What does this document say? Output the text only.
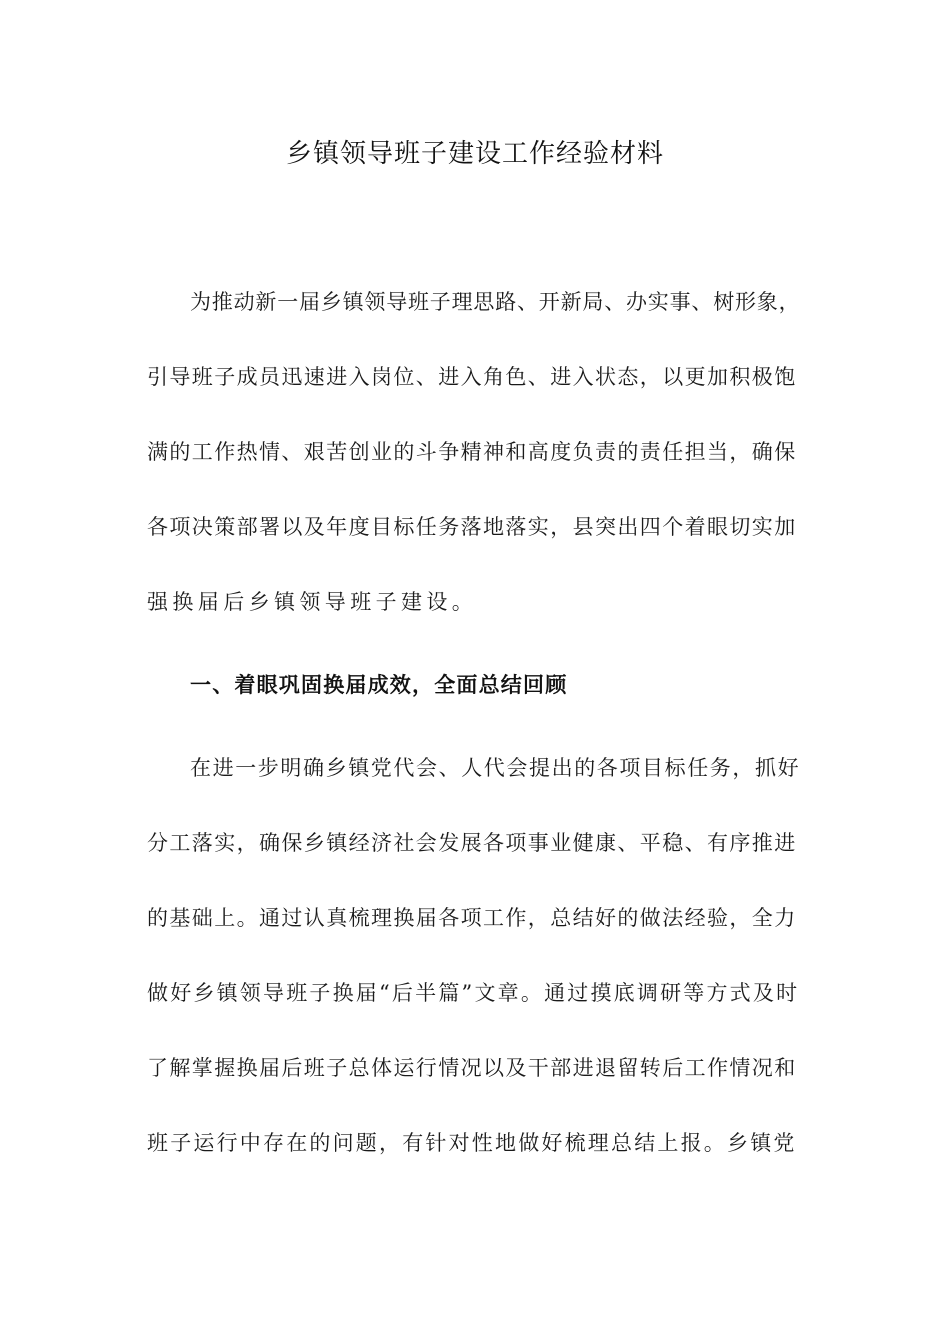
乡镇领导班子建设工作经验材料

为推动新一届乡镇领导班子理思路、开新局、办实事、树形象，

引导班子成员迅速进入岗位、进入角色、进入状态，以更加积极饱

满的工作热情、艰苦创业的斗争精神和高度负责的责任担当，确保

各项决策部署以及年度目标任务落地落实，县突出四个着眼切实加

强换届后乡镇领导班子建设。

一、着眼巩固换届成效，全面总结回顾

在进一步明确乡镇党代会、人代会提出的各项目标任务，抓好

分工落实，确保乡镇经济社会发展各项事业健康、平稳、有序推进

的基础上。通过认真梳理换届各项工作，总结好的做法经验，全力

做好乡镇领导班子换届“后半篇”文章。通过摸底调研等方式及时

了解掌握换届后班子总体运行情况以及干部进退留转后工作情况和

班子运行中存在的问题，有针对性地做好梳理总结上报。乡镇党
